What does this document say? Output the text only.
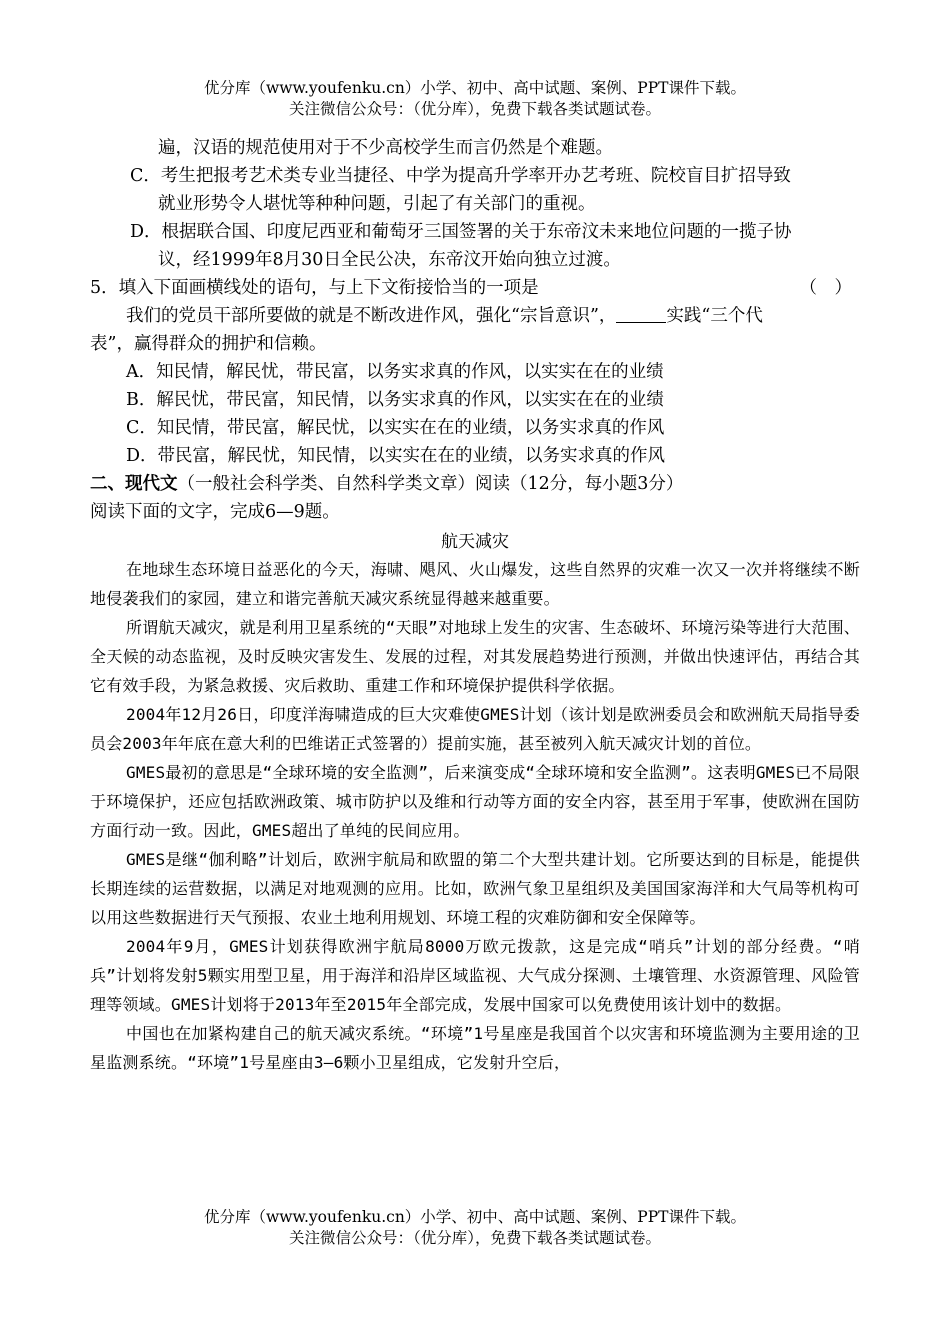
优分库（www.youfenku.cn）小学、初中、高中试题、案例、PPT课件下载。
关注微信公众号：（优分库），免费下载各类试题试卷。
遍，汉语的规范使用对于不少高校学生而言仍然是个难题。
C．考生把报考艺术类专业当捷径、中学为提高升学率开办艺考班、院校盲目扩招导致
就业形势令人堪忧等种种问题，引起了有关部门的重视。
D．根据联合国、印度尼西亚和葡萄牙三国签署的关于东帝汶未来地位问题的一揽子协
议，经1999年8月30日全民公决，东帝汶开始向独立过渡。
5．填入下面画横线处的语句，与上下文衔接恰当的一项是	（　）
我们的党员干部所要做的就是不断改进作风，强化“宗旨意识”，	实践“三个代
表”，赢得群众的拥护和信赖。
A．知民情，解民忧，带民富，以务实求真的作风，以实实在在的业绩
B．解民忧，带民富，知民情，以务实求真的作风，以实实在在的业绩
C．知民情，带民富，解民忧，以实实在在的业绩，以务实求真的作风
D．带民富，解民忧，知民情，以实实在在的业绩，以务实求真的作风
二、现代文（一般社会科学类、自然科学类文章）阅读（12分，每小题3分）
阅读下面的文字，完成6—9题。
航天减灾

在地球生态环境日益恶化的今天，海啸、飓风、火山爆发，这些自然界的灾难一次又一次并将继续不断地侵袭我们的家园，建立和谐完善航天减灾系统显得越来越重要。

所谓航天减灾，就是利用卫星系统的“天眼”对地球上发生的灾害、生态破坏、环境污染等进行大范围、全天候的动态监视，及时反映灾害发生、发展的过程，对其发展趋势进行预测，并做出快速评估，再结合其它有效手段，为紧急救援、灾后救助、重建工作和环境保护提供科学依据。

2004年12月26日，印度洋海啸造成的巨大灾难使GMES计划（该计划是欧洲委员会和欧洲航天局指导委员会2003年年底在意大利的巴维诺正式签署的）提前实施，甚至被列入航天减灾计划的首位。

GMES最初的意思是“全球环境的安全监测”，后来演变成“全球环境和安全监测”。这表明GMES已不局限于环境保护，还应包括欧洲政策、城市防护以及维和行动等方面的安全内容，甚至用于军事，使欧洲在国防方面行动一致。因此，GMES超出了单纯的民间应用。

GMES是继“伽利略”计划后，欧洲宇航局和欧盟的第二个大型共建计划。它所要达到的目标是，能提供长期连续的运营数据，以满足对地观测的应用。比如，欧洲气象卫星组织及美国国家海洋和大气局等机构可以用这些数据进行天气预报、农业土地利用规划、环境工程的灾难防御和安全保障等。

2004年9月，GMES计划获得欧洲宇航局8000万欧元拨款，这是完成“哨兵”计划的部分经费。“哨兵”计划将发射5颗实用型卫星，用于海洋和沿岸区域监视、大气成分探测、土壤管理、水资源管理、风险管理等领域。GMES计划将于2013年至2015年全部完成，发展中国家可以免费使用该计划中的数据。

中国也在加紧构建自己的航天减灾系统。“环境”1号星座是我国首个以灾害和环境监测为主要用途的卫星监测系统。“环境”1号星座由3—6颗小卫星组成，它发射升空后，

优分库（www.youfenku.cn）小学、初中、高中试题、案例、PPT课件下载。
关注微信公众号：（优分库），免费下载各类试题试卷。
